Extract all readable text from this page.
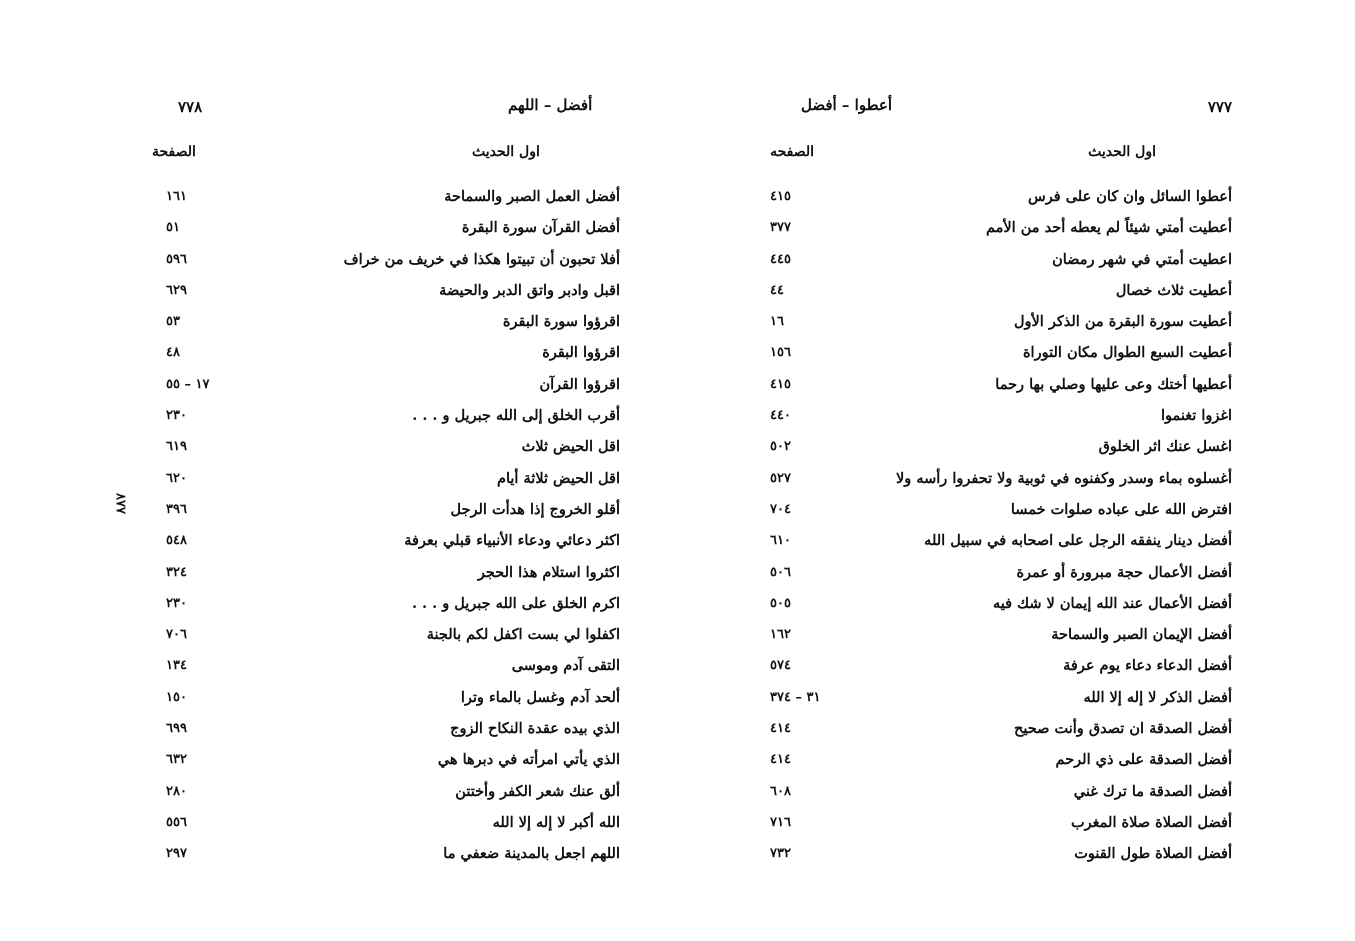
٧٧٧
أعطوا – أفضل
اول الحديث
الصفحه
أعطوا السائل وان كان على فرس
٤١٥
أعطيت أمتي شيئاً لم يعطه أحد من الأمم
٣٧٧
اعطيت أمتي في شهر رمضان
٤٤٥
أعطيت ثلاث خصال
٤٤
أعطيت سورة البقرة من الذكر الأول
١٦
أعطيت السبع الطوال مكان التوراة
١٥٦
أعطيها أختك وعى عليها وصلي بها رحما
٤١٥
اغزوا تغنموا
٤٤٠
اغسل عنك اثر الخلوق
٥٠٢
أغسلوه بماء وسدر وكفنوه في ثوبية ولا تحفروا رأسه ولا
٥٢٧
افترض الله على عباده صلوات خمسا
٧٠٤
أفضل دينار ينفقه الرجل على اصحابه في سبيل الله
٦١٠
أفضل الأعمال حجة مبرورة أو عمرة
٥٠٦
أفضل الأعمال عند الله إيمان لا شك فيه
٥٠٥
أفضل الإيمان الصبر والسماحة
١٦٢
أفضل الدعاء دعاء يوم عرفة
٥٧٤
أفضل الذكر لا إله إلا الله
٣١ – ٣٧٤
أفضل الصدقة ان تصدق وأنت صحيح
٤١٤
أفضل الصدقة على ذي الرحم
٤١٤
أفضل الصدقة ما ترك غني
٦٠٨
أفضل الصلاة صلاة المغرب
٧١٦
أفضل الصلاة طول القنوت
٧٣٢
٧٧٨	أفضل – اللهم
اول الحديث
الصفحة
أفضل العمل الصبر والسماحة
١٦١
أفضل القرآن سورة البقرة
٥١
أفلا تحبون أن تبيتوا هكذا في خريف من خراف
٥٩٦
اقبل وادبر واتق الدبر والحيضة
٦٢٩
اقرؤوا سورة البقرة
٥٣
اقرؤوا البقرة
٤٨
اقرؤوا القرآن
١٧ – ٥٥
أقرب الخلق إلى الله جبريل و . . .
٢٣٠
اقل الحيض ثلاث
٦١٩
اقل الحيض ثلاثة أيام
٦٢٠
أقلو الخروج إذا هدأت الرجل
٣٩٦
اكثر دعائي ودعاء الأنبياء قبلي بعرفة
٥٤٨
اكثروا استلام هذا الحجر
٣٢٤
اكرم الخلق على الله جبريل و . . .
٢٣٠
اكفلوا لي بست اكفل لكم بالجنة
٧٠٦
التقى آدم وموسى
١٣٤
ألحد آدم وغسل بالماء وترا
١٥٠
الذي بيده عقدة النكاح الزوج
٦٩٩
الذي يأتي امرأته في دبرها هي
٦٣٢
ألق عنك شعر الكفر وأختتن
٢٨٠
الله أكبر لا إله إلا الله
٥٥٦
اللهم اجعل بالمدينة ضعفي ما
٢٩٧
٨٨٧
